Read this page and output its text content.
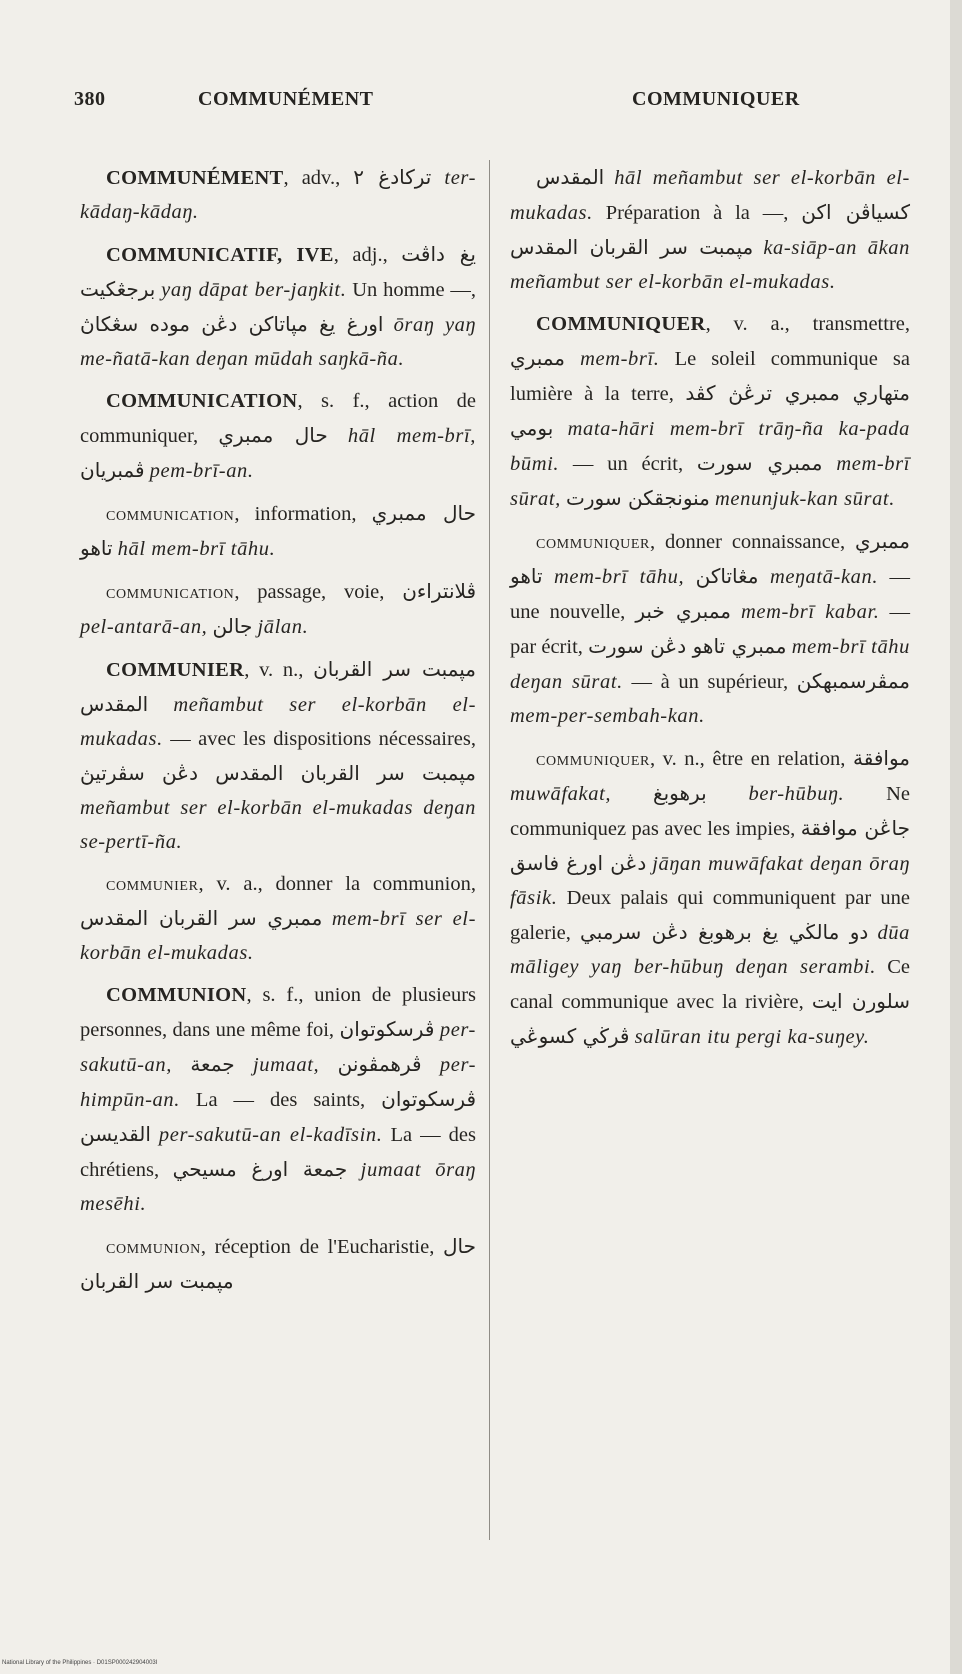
380	COMMUNÉMENT	COMMUNIQUER

COMMUNÉMENT, adv., ترکادغ ٢ ter-kādaŋ-kādaŋ.

COMMUNICATIF, IVE, adj., يغ داڤت برجڠكيت yaŋ dāpat ber-jaŋkit. Un homme —, اورغ يغ مڽاتاکن دڠن موده سڠکاڽ ōraŋ yaŋ me-ñatā-kan deŋan mūdah saŋkā-ña.

COMMUNICATION, s. f., action de communiquer, حال ممبري hāl mem-brī, ڤمبريان pem-brī-an.

communication, information, حال ممبري تاهو hāl mem-brī tāhu.

communication, passage, voie, ڤلانتراءن pel-antarā-an, جالن jālan.

COMMUNIER, v. n., مڽمبت سر القربان المقدس meñambut ser el-korbān el-mukadas. — avec les dispositions nécessaires, مڽمبت سر القربان المقدس دڠن سڤرتيڽ meñambut ser el-korbān el-mukadas deŋan se-pertī-ña.

communier, v. a., donner la communion, ممبري سر القربان المقدس mem-brī ser el-korbān el-mukadas.

COMMUNION, s. f., union de plusieurs personnes, dans une même foi, ڤرسکوتوان per-sakutū-an, جمعة jumaat, ڤرهمڤونن per-himpūn-an. La — des saints, ڤرسکوتوان القديسن per-sakutū-an el-kadīsin. La — des chrétiens, جمعة اورغ مسيحي jumaat ōraŋ mesēhi.

communion, réception de l'Eucharistie, حال مڽمبت سر القربان

المقدس hāl meñambut ser el-korbān el-mukadas. Préparation à la —, کسياڤن اکن مڽمبت سر القربان المقدس ka-siāp-an ākan meñambut ser el-korbān el-mukadas.

COMMUNIQUER, v. a., transmettre, ممبري mem-brī. Le soleil communique sa lumière à la terre, متهاري ممبري ترڠڽ کڤد بومي mata-hāri mem-brī trāŋ-ña ka-pada būmi. — un écrit, ممبري سورت mem-brī sūrat, منونجقکن سورت menunjuk-kan sūrat.

communiquer, donner connaissance, ممبري تاهو mem-brī tāhu, مڠاتاکن meŋatā-kan. — une nouvelle, ممبري خبر mem-brī kabar. — par écrit, ممبري تاهو دڠن سورت mem-brī tāhu deŋan sūrat. — à un supérieur, ممڤرسمبهکن mem-per-sembah-kan.

communiquer, v. n., être en relation, موافقة muwāfakat, برهوبغ ber-hūbuŋ. Ne communiquez pas avec les impies, جاڠن موافقة دڠن اورغ فاسق jāŋan muwāfakat deŋan ōraŋ fāsik. Deux palais qui communiquent par une galerie, دو مالڬي يغ برهوبغ دڠن سرمبي dūa māligey yaŋ ber-hūbuŋ deŋan serambi. Ce canal communique avec la rivière, سلورن ايت ڤرڬي کسوڠي salūran itu pergi ka-suŋey.

National Library of the Philippines · D01SP000242904003I
